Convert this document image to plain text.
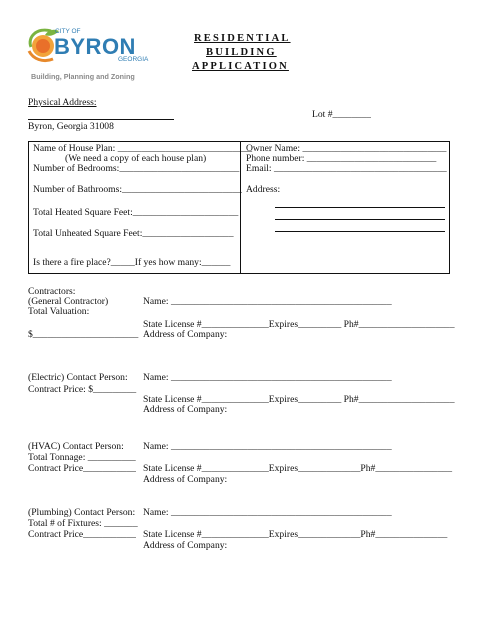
CITY OF
BYRON
GEORGIA
Building, Planning and Zoning
RESIDENTIAL
BUILDING
APPLICATION
Physical Address:
Lot #________
Byron, Georgia 31008
Name of House Plan: ____________________________
(We need a copy of each house plan)
Number of Bedrooms:_________________________
Number of Bathrooms:_________________________
Total Heated Square Feet:______________________
Total Unheated Square Feet:___________________
Is there a fire place?_____If yes how many:______
Owner Name: ______________________________
Phone number: ___________________________
Email: ____________________________________
Address:
Contractors:
(General Contractor)	Name: ______________________________________________
Total Valuation:
State License #______________Expires_________ Ph#____________________
$______________________ Address of Company:
(Electric) Contact Person: Name: ______________________________________________
Contract Price: $_________
State License #______________Expires_________ Ph#____________________
Address of Company:
(HVAC) Contact Person: Name: ______________________________________________
Total Tonnage: __________
Contract Price___________ State License #______________Expires_____________Ph#________________
Address of Company:
(Plumbing) Contact Person: Name: ______________________________________________
Total # of Fixtures: _______
Contract Price___________ State License #______________Expires_____________Ph#_______________
Address of Company:
